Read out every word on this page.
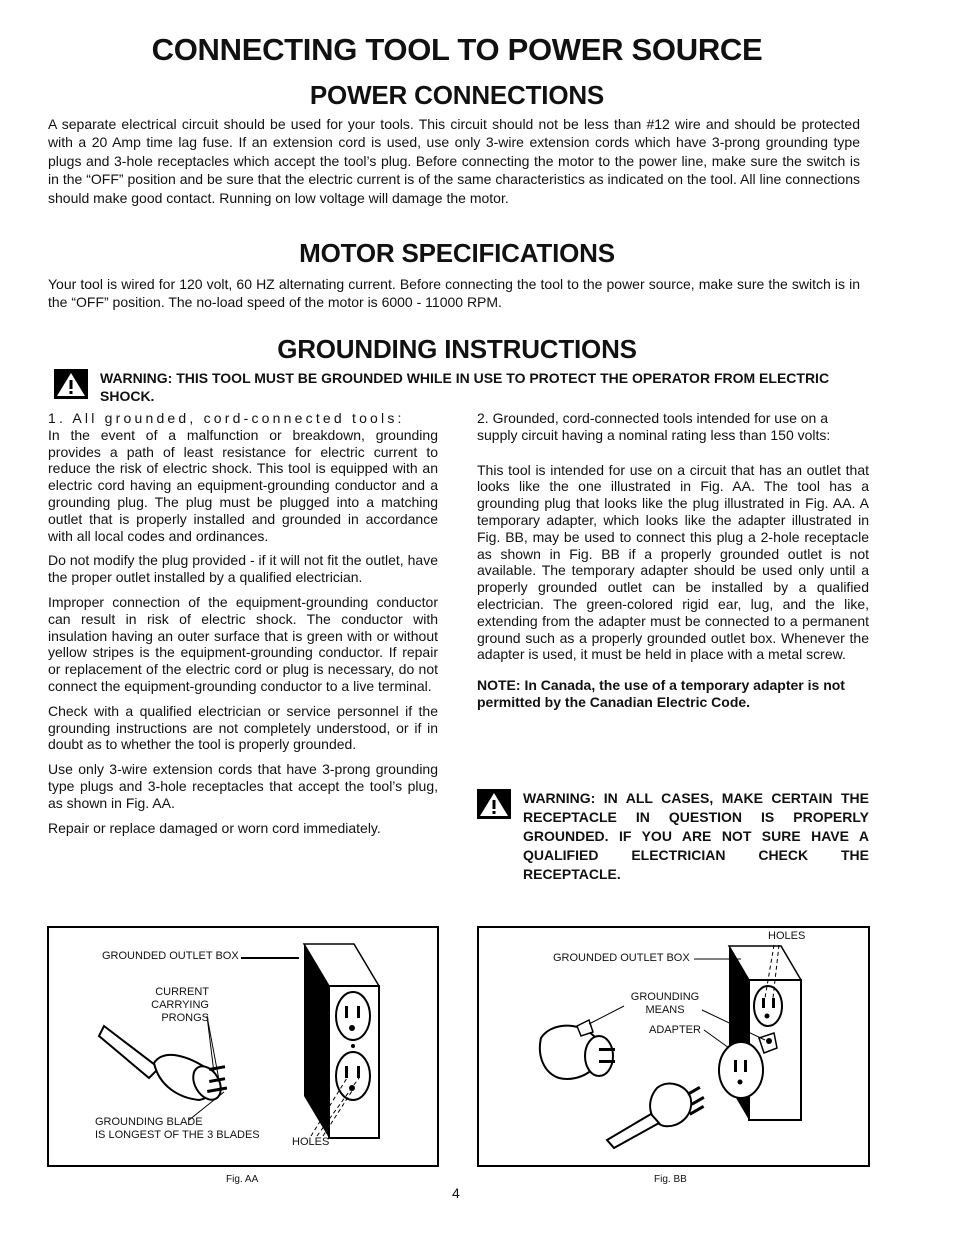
CONNECTING TOOL TO POWER SOURCE
POWER CONNECTIONS

A separate electrical circuit should be used for your tools. This circuit should not be less than #12 wire and should be protected with a 20 Amp time lag fuse. If an extension cord is used, use only 3-wire extension cords which have 3-prong grounding type plugs and 3-hole receptacles which accept the tool’s plug. Before connecting the motor to the power line, make sure the switch is in the “OFF” position and be sure that the electric current is of the same characteristics as indicated on the tool. All line connections should make good contact. Running on low voltage will damage the motor.

MOTOR SPECIFICATIONS

Your tool is wired for 120 volt, 60 HZ alternating current. Before connecting the tool to the power source, make sure the switch is in the “OFF” position. The no-load speed of the motor is 6000 - 11000 RPM.

GROUNDING INSTRUCTIONS
WARNING: THIS TOOL MUST BE GROUNDED WHILE IN USE TO PROTECT THE OPERATOR FROM ELECTRIC SHOCK.

1. All grounded, cord-connected tools:

In the event of a malfunction or breakdown, grounding provides a path of least resistance for electric current to reduce the risk of electric shock. This tool is equipped with an electric cord having an equipment-grounding conductor and a grounding plug. The plug must be plugged into a matching outlet that is properly installed and grounded in accordance with all local codes and ordinances.

Do not modify the plug provided - if it will not fit the outlet, have the proper outlet installed by a qualified electrician.

Improper connection of the equipment-grounding conductor can result in risk of electric shock. The conductor with insulation having an outer surface that is green with or without yellow stripes is the equipment-grounding conductor. If repair or replacement of the electric cord or plug is necessary, do not connect the equipment-grounding conductor to a live terminal.

Check with a qualified electrician or service personnel if the grounding instructions are not completely understood, or if in doubt as to whether the tool is properly grounded.

Use only 3-wire extension cords that have 3-prong grounding type plugs and 3-hole receptacles that accept the tool’s plug, as shown in Fig. AA.

Repair or replace damaged or worn cord immediately.

2. Grounded, cord-connected tools intended for use on a supply circuit having a nominal rating less than 150 volts:

This tool is intended for use on a circuit that has an outlet that looks like the one illustrated in Fig. AA. The tool has a grounding plug that looks like the plug illustrated in Fig. AA. A temporary adapter, which looks like the adapter illustrated in Fig. BB, may be used to connect this plug a 2-hole receptacle as shown in Fig. BB if a properly grounded outlet is not available. The temporary adapter should be used only until a properly grounded outlet can be installed by a qualified electrician. The green-colored rigid ear, lug, and the like, extending from the adapter must be connected to a permanent ground such as a properly grounded outlet box. Whenever the adapter is used, it must be held in place with a metal screw.

NOTE: In Canada, the use of a temporary adapter is not permitted by the Canadian Electric Code.

WARNING: IN ALL CASES, MAKE CERTAIN THE RECEPTACLE IN QUESTION IS PROPERLY GROUNDED. IF YOU ARE NOT SURE HAVE A QUALIFIED ELECTRICIAN CHECK THE RECEPTACLE.
GROUNDED OUTLET BOX
CURRENT
CARRYING
PRONGS
GROUNDING BLADE
IS LONGEST OF THE 3 BLADES
HOLES
Fig. AA
HOLES
GROUNDED OUTLET BOX
GROUNDING
MEANS
ADAPTER
Fig. BB
4
